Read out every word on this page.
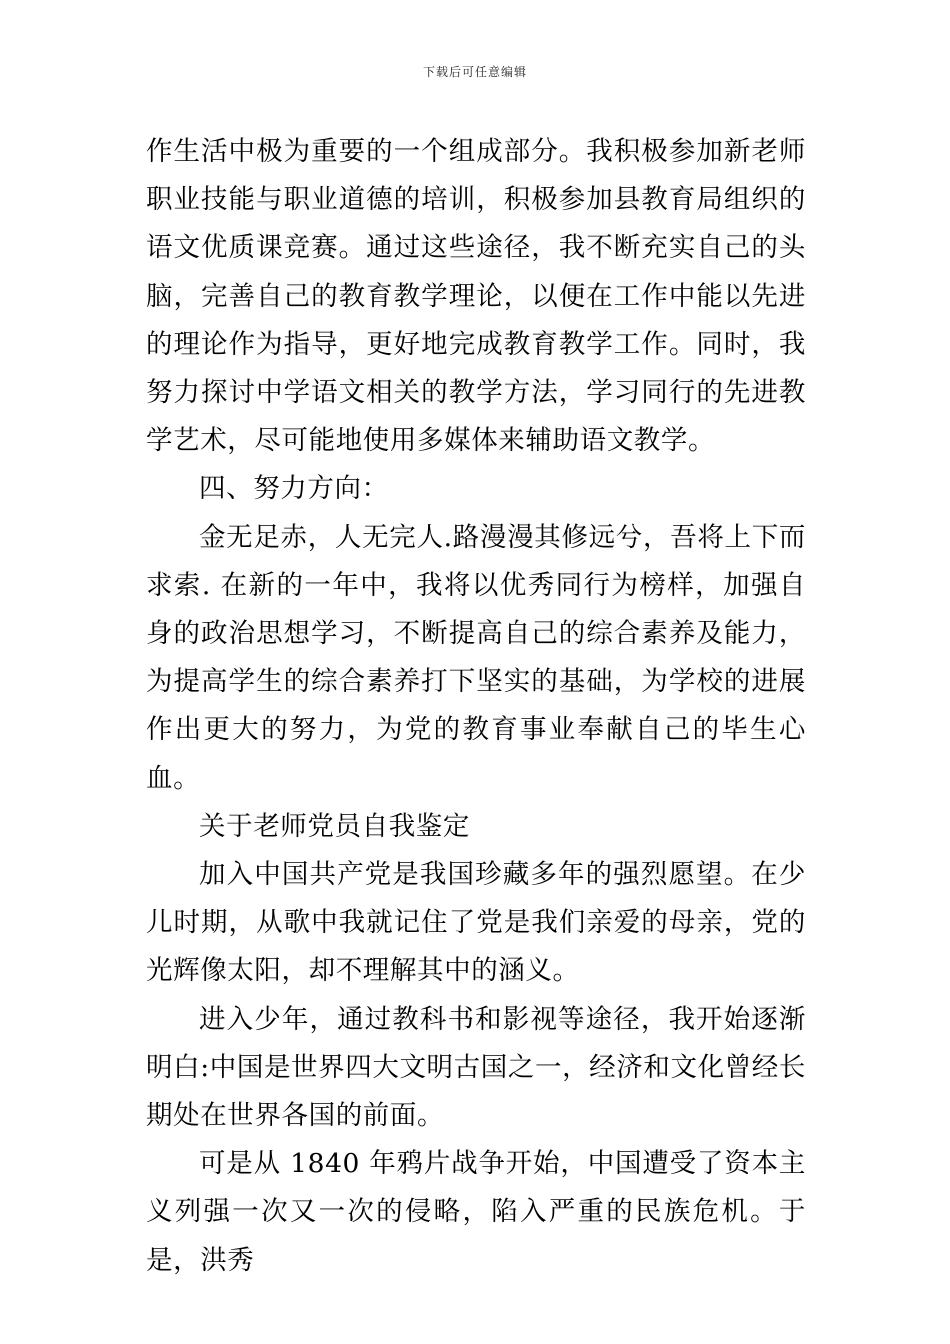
下载后可任意编辑

作生活中极为重要的一个组成部分。我积极参加新老师职业技能与职业道德的培训，积极参加县教育局组织的语文优质课竞赛。通过这些途径，我不断充实自己的头脑，完善自己的教育教学理论，以便在工作中能以先进的理论作为指导，更好地完成教育教学工作。同时，我努力探讨中学语文相关的教学方法，学习同行的先进教学艺术，尽可能地使用多媒体来辅助语文教学。

四、努力方向：

金无足赤，人无完人.路漫漫其修远兮，吾将上下而求索. 在新的一年中，我将以优秀同行为榜样，加强自身的政治思想学习，不断提高自己的综合素养及能力，为提高学生的综合素养打下坚实的基础，为学校的进展作出更大的努力，为党的教育事业奉献自己的毕生心血。

关于老师党员自我鉴定

加入中国共产党是我国珍藏多年的强烈愿望。在少儿时期，从歌中我就记住了党是我们亲爱的母亲，党的光辉像太阳，却不理解其中的涵义。

进入少年，通过教科书和影视等途径，我开始逐渐明白:中国是世界四大文明古国之一，经济和文化曾经长期处在世界各国的前面。

可是从 1840 年鸦片战争开始，中国遭受了资本主义列强一次又一次的侵略，陷入严重的民族危机。于是，洪秀
